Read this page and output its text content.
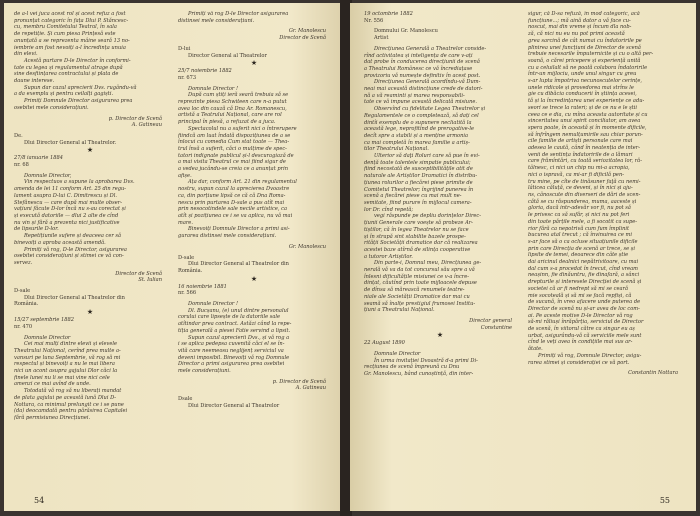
de a-l vei juca acest rol și acest refuz a fost

pronunțat categoric în fața Dlui P. Stăncesc-

cu, membru Comitetului Teatral, în sala

de repetiție. Și cum piesa Prințesă este

anunțată a se reprezenta mâine seară 13 no-

iembrie am fost nevoiți a-l încredința unuia

din elevi.

Acestă purtare D-le Director în conformi-

tate cu legea și regulamentul atrage după

sine desființarea contractului și plata de

daune interese.

Supun dar cazul aprecierii Dvs. rugându-vă

a da exemplu și pentru ceilalți gagiști.

Primiți Domnule Director asigurarea prea

osebitei mele considerațiuni.

p. Director de Scenă

A. Gatineau

De.

Dlui Director General al Theatrelor.

★

27/8 ianuarie 1884

nr. 68

Domnule Director,

Vin respectuos a supune la aprobarea Dvs.

amenda de lei 11 conform Art. 25 din regu-

lament asupra D-lui C. Dimitrescu și Dl.

Stefănescu — care după mai multe obser-

vațiuni făcute D-lor încă nu s-au corectat și

și execută datoriile — dlui 2 alte de cînd

nu vin și fără a prezenta nici justificative

de lipsurile D-lor.

Repetițiunile sufere și deaceea cer să

binevoiți a aproba această amendă.

Primiți vă rog, D-le Director, asigurarea

osebitei considerațiuni și stimei ce vă con-

servez.

Director de Scenă

St. Iulian

D-sale

Dlui Director General al Theatrelor din

România.

★

15/27 septembrie 1882

nr. 470

Domnule Director

Cei mai mulți dintre elevii și elevele

Theatrului Național, cerînd prea multe a-

vansuri pe luna Septembrie, vă rog să mi

respectul și binevoiți a nu le mai libera

nici un acont asupra gajului Dlor căci la

finele lunei nu li se mai vine nici cele

amenzi ce mai avînd de unde.

Totodată vă rog să nu liberați mandat

de plata gajului pe această lună Dlui D-

Nottara, ca minimul prelungit ce i se pune

(da) deocamdată pentru părăsirea Capitalei

fără permisiunea Direcțiunei.

Primiți vă rog D-le Director asigurarea

distinsei mele considerațiuni.

Gr. Manolescu

Director de Scenă

D-lui

Director General al Theatrelor

★

25/7 noiembrie 1882

nr. 673

Domnule Director !

După cum știți ieră seară trebuia să se

reprezinte piesa Schwiteen care n-a putut

avea loc din cauză că Dna Ar. Romanescu,

artistă a Teatrului Național, care are rol

principal în piesă, a refuzat de a juca.

Spectacolul nu a suferit nici o întrerupere

fiindcă am luat îndată dispozițiunea de a se

înlocui cu comedia Cum stat toate — Thea-

trul însă a suferit, căci o mulțime de spec-

tatori indignate publicul și-l descuragiază de

a mai visita Theatrul ce mai fiind sigur de

a vedea jucându-se creia ce a anunțat prin

afișe.

Ața dar, conform Art. 21 din regulamentul

nostru, supun cazul la aprecierea Dvoastre

ca, din porțiune lipsă ce că că Dna Roma-

nescu prin purtarea D-sale a pus atît mai

prin nesocotindele sale necile artistice, ca

atît și pozițiunea ce i se va aplica, nu vă mai

mare.

Binevoiți Domnule Director a primi asi-

gurarea distinsei mele considerațiuni.

Gr. Manolescu

D-sale

Dlui Director General al Theatrelor din

România.

★

16 noiembrie 1881

nr. 566

Domnule Director !

Dl. Bucșanu, (e) unul dintre personalul

corului care lipsește de la datoriile sale

atîtindar prea contract. Astăzi când la repe-

tiția generală a piesei Fatie servind a lipsit.

Supun cazul aprecierii Dvs., și vă rog a

i se aplica pedepsa cuvenită căci el se în-

vită care neemeosu neglijenț serviciul va

deveni imposibil. Binevoiți vă rog Domnule

Director a primi asigurarea prea osebitei

mele considerațiuni.

p. Director de Scenă

A. Gatineau

Dsale

Dlui Director General al Theatrelor

54

19 octombrie 1882

Nr. 556

Domnului Gr. Manolescu

Artist

Direcțiunea Generală a Theatrelor conside-

rînd activitatea și inteligența de care v-ați

dat probe în conducerea direcțiunii de scenă

a Theatrului Românesc ce vă încrediațase

provizoriu vă numește definitiv în acest post.

Direcțiunea Generală acordîndu-vă Dum-

neai mai această distincțiune crede de datori-

nă a vă reaminti și marea responsabili-

tate ce vă impune această delicată misiune.

Observînd cu fidelitate Legea Theatrelor și

Regulamentele ce o completează, să dați cel

dintîi exemplu de o supunere necliatită la

această lege, neprofitînd de prerogative-le

decît spre a stabili și a menține armonia

ca mai completă în marea familie a artiș-

tilor Theatrului Național.

Ulterior să daţi Roluri care să pue în evi-

dență toate talentele simpatie publicului;

fiind necostată de susceptibilitățile atit de

naturale ale Artiștilor Dramatici în distribu-

țiunea rolurilor a fiecărei piese primite de

Comitetul Theatrelor; îngrijind punerea în

scenă a fiecărei piese cu mai mult ne-

semitate, fiind purure în mijlocul camera-

lor Dr. cînd repetă;

vegi răspunde pe depliu dorințelor Direc-

țiunii Generale care voește să probeze Ar-

tiștilor, că în legea Theatrelor nu se face

și în strapă sint stabilite bazele prospe-

rității Societății dramatice dar că realizarea

acestei baze atîrnă de silința cooperative

a tutoror Artiștilor.

Din parte-i, Domnul meu, Direcțiunea ge-

nerală vă va da tot concursul său spre a vă

înlesni dificultățile misiunei ce v-a încre-

dințat, căutînd prin toate mijloacele depuse

de dînsa să mărească renumele teatre-

niale ale Societății Dramatice dar mai cu

seamă să înalțe prestigiul frumosei Institu-

țiuni a Theatrului Național.

Director general

Constantine

★

22 August 1890

Domnule Director

În urma invitației Dvoastră d-a primi Di-

recțiunea de scenă împreună cu Dnu

Gr. Manolescu, bând cunoștință, din inter-

sigur, că D-sa refuză, în mod categoric, acă

funcțiune...; mă aină dator a vă face cu-

noscut, mai din vreme și încum dla nob-

ză, că nici nu eu nu pot primi această

grea sarcină de cât numai cu îndatoririle pe

plinirea unei funcțiuni de Director de scenă

trebuie necesarile împuternicite și cu o altă per-

soană, o cărei pricepere și experiență unită

cu a celuilalt să ne poată colabora îndatoririle

într-un mijlociu, unde unul singur cu greu

s-ar lupta împotriva necunoscutelor cerințe,

unele ridicole și provedorea mai strîns le

gie cu dibăcia conducerii în știința acesei,

tă și la încredințarea unei experiențe ce adu-

seori se trece la rateri; și de ce nu e le știi

ceea ce e dia, cu mîna aceasta autoritate și cu

sinceritatea unui spirit conciliator, am avea

spera poate, în această și în momente dificile,

să înfrîngem nemulțumirile sau chiar porun-

cile familie de artiști personale care mai

adesea le caută, când în neatenția de inter-

venii de sentința îndatoririle de a lămuri

care frămîntări, cu toată seriozitatea lor, ră-

tâlnesc, ci nici un chip nu mi-a acropia,

nici o ispravă, ca mi-ar fi dificilă pen-

tru mine, pe cîte de tinăsuner faţă cu nemi-

lâticea căluță, ce deveni, și în nici și aju-

ns, cânoscute din diverseri de dări de scen-

cătă se cu răspunderea, muma, aaceste și

gloria, dacă intr-adevăr vor fi, nu pot să

le privesc ca să sufăr, și nici nu pot feri

din toate părțile mele, a fi socotit ca supe-

rior fără ca nepotrivă cum fum împlinit

bucurea atal trecut ; că învinuirea ce mi

s-ar face să o ca ocluse situațiunile dificile

prin care Direcția de scenă ar trece, se și

lipsite de temei, deoarece din câte știe

dai aricinul dealnici nepătrivitoare, cu mai

dal cum s-a procedat în trecut, cînd vream

neașinn, fie dinăuntru, fie dinafară, a sânci

drepturile și interesele Direcției de scenă și

societei că ar fi nedrept să mi se ceară

mie socoteală și să mi se facă repfiși, că

de sucană, în vreo afacere unde puterea de

Director de scenă nu și-ar avea de loc com-

ai. Pe aceste motive D-le Director vă rog

să-mi răliuși înrăpărția, serviciul de Director

de scenă, în viitorul către ca singur eu aș

urbat, asigurându-vă că serviciile mele sunt

cînd le veți avea în condițiile mai sus ar-

ătate.

Primiți vă rog, Domnule Director, asigu-

rarea stimei și considerației ce vă port.

Constantin Nottara

55
